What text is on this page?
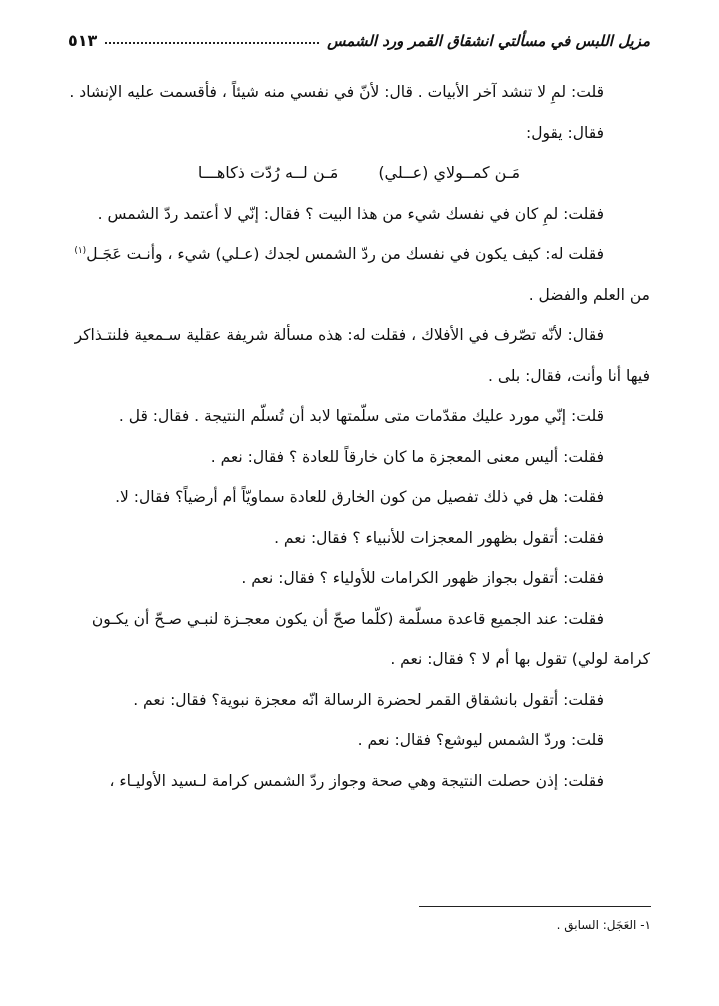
مزيل اللبس في مسألتي انشقاق القمر ورد الشمس
٥١٣

قلت: لمِ لا تنشد آخر الأبيات . قال: لأنّ في نفسي منه شيئاً ، فأقسمت عليه الإنشاد .

فقال: يقول:

مَـن كمــولاي (عــلي)
مَـن لــه رُدّت ذكاهـــا

فقلت: لمِ كان في نفسك شيء من هذا البيت ؟ فقال: إنّي لا أعتمد ردّ الشمس .

فقلت له: كيف يكون في نفسك من ردّ الشمس لجدك (عـلي) شيء ، وأنـت عَجَـل$^{(١)}$

من العلم والفضل .

فقال: لأنّه تصّرف في الأفلاك ، فقلت له: هذه مسألة شريفة عقلية سـمعية فلنتـذاكر

فيها أنا وأنت، فقال: بلى .

قلت: إنّي مورد عليك مقدّمات متى سلّمتها لابد أن تُسلّم النتيجة . فقال: قل .

فقلت: أليس معنى المعجزة ما كان خارقاً للعادة ؟ فقال: نعم .

فقلت: هل في ذلك تفصيل من كون الخارق للعادة سماويّاً أم أرضياً؟ فقال: لا.

فقلت: أتقول بظهور المعجزات للأنبياء ؟ فقال: نعم .

فقلت: أتقول بجواز ظهور الكرامات للأولياء ؟ فقال: نعم .

فقلت: عند الجميع قاعدة مسلّمة (كلّما صحّ أن يكون معجـزة لنبـي صـحّ أن يكـون

كرامة لولي) تقول بها أم لا ؟ فقال: نعم .

فقلت: أتقول بانشقاق القمر لحضرة الرسالة انّه معجزة نبوية؟ فقال: نعم .

قلت: وردّ الشمس ليوشع؟ فقال: نعم .

فقلت: إذن حصلت النتيجة وهي صحة وجواز ردّ الشمس كرامة لـسيد الأوليـاء ،

١- العَجَل: السابق .
